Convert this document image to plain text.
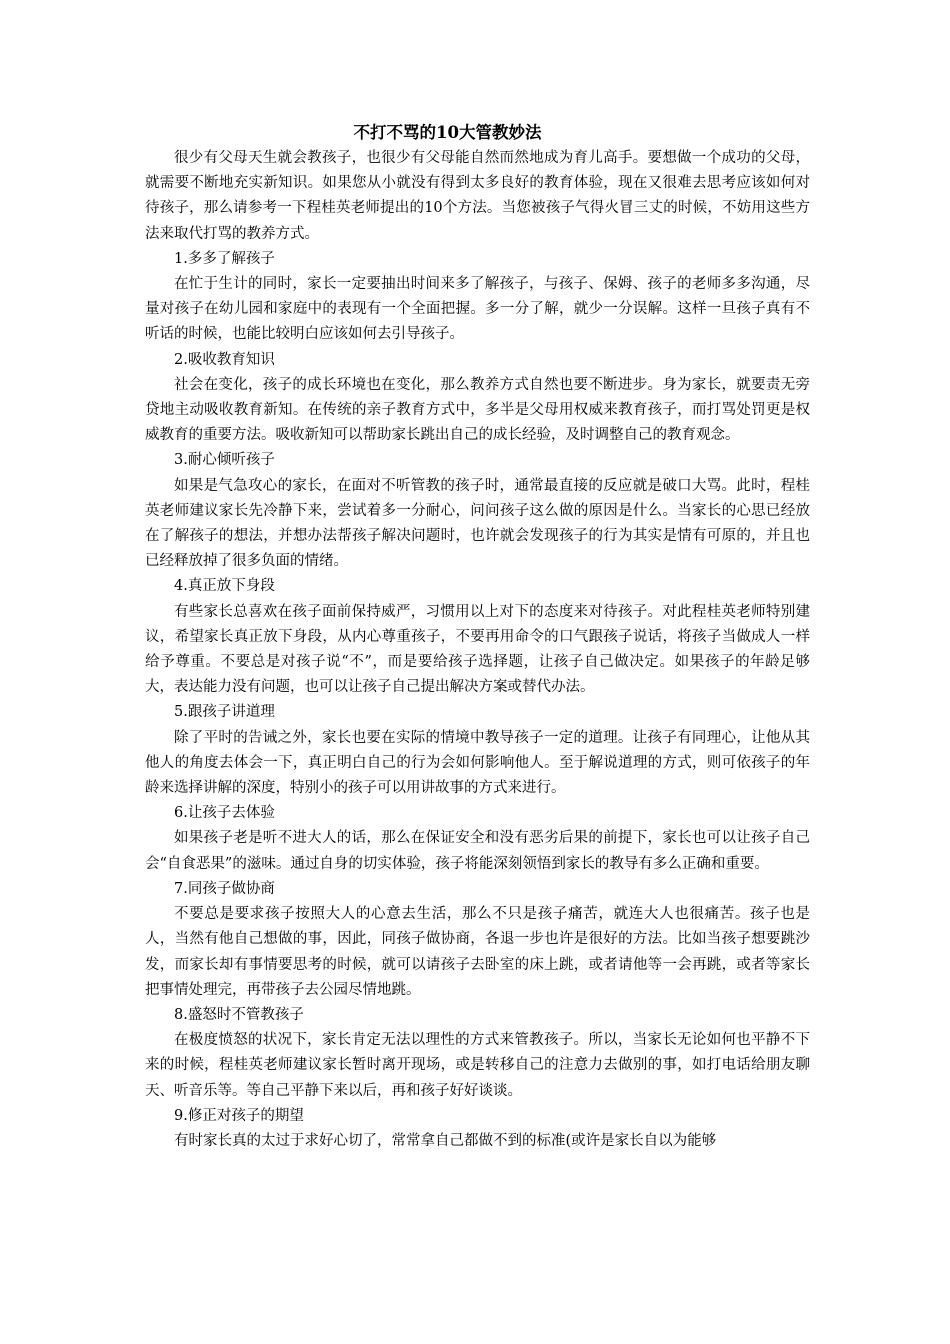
不打不骂的10大管教妙法

很少有父母天生就会教孩子，也很少有父母能自然而然地成为育儿高手。要想做一个成功的父母，就需要不断地充实新知识。如果您从小就没有得到太多良好的教育体验，现在又很难去思考应该如何对待孩子，那么请参考一下程桂英老师提出的10个方法。当您被孩子气得火冒三丈的时候，不妨用这些方法来取代打骂的教养方式。

1.多多了解孩子

在忙于生计的同时，家长一定要抽出时间来多了解孩子，与孩子、保姆、孩子的老师多多沟通，尽量对孩子在幼儿园和家庭中的表现有一个全面把握。多一分了解，就少一分误解。这样一旦孩子真有不听话的时候，也能比较明白应该如何去引导孩子。

2.吸收教育知识

社会在变化，孩子的成长环境也在变化，那么教养方式自然也要不断进步。身为家长，就要责无旁贷地主动吸收教育新知。在传统的亲子教育方式中，多半是父母用权威来教育孩子，而打骂处罚更是权威教育的重要方法。吸收新知可以帮助家长跳出自己的成长经验，及时调整自己的教育观念。

3.耐心倾听孩子

如果是气急攻心的家长，在面对不听管教的孩子时，通常最直接的反应就是破口大骂。此时，程桂英老师建议家长先冷静下来，尝试着多一分耐心，问问孩子这么做的原因是什么。当家长的心思已经放在了解孩子的想法，并想办法帮孩子解决问题时，也许就会发现孩子的行为其实是情有可原的，并且也已经释放掉了很多负面的情绪。

4.真正放下身段

有些家长总喜欢在孩子面前保持威严，习惯用以上对下的态度来对待孩子。对此程桂英老师特别建议，希望家长真正放下身段，从内心尊重孩子，不要再用命令的口气跟孩子说话，将孩子当做成人一样给予尊重。不要总是对孩子说“不”，而是要给孩子选择题，让孩子自己做决定。如果孩子的年龄足够大，表达能力没有问题，也可以让孩子自己提出解决方案或替代办法。

5.跟孩子讲道理

除了平时的告诫之外，家长也要在实际的情境中教导孩子一定的道理。让孩子有同理心，让他从其他人的角度去体会一下，真正明白自己的行为会如何影响他人。至于解说道理的方式，则可依孩子的年龄来选择讲解的深度，特别小的孩子可以用讲故事的方式来进行。

6.让孩子去体验

如果孩子老是听不进大人的话，那么在保证安全和没有恶劣后果的前提下，家长也可以让孩子自己会“自食恶果”的滋味。通过自身的切实体验，孩子将能深刻领悟到家长的教导有多么正确和重要。

7.同孩子做协商

不要总是要求孩子按照大人的心意去生活，那么不只是孩子痛苦，就连大人也很痛苦。孩子也是人，当然有他自己想做的事，因此，同孩子做协商，各退一步也许是很好的方法。比如当孩子想要跳沙发，而家长却有事情要思考的时候，就可以请孩子去卧室的床上跳，或者请他等一会再跳，或者等家长把事情处理完，再带孩子去公园尽情地跳。

8.盛怒时不管教孩子

在极度愤怒的状况下，家长肯定无法以理性的方式来管教孩子。所以，当家长无论如何也平静不下来的时候，程桂英老师建议家长暂时离开现场，或是转移自己的注意力去做别的事，如打电话给朋友聊天、听音乐等。等自己平静下来以后，再和孩子好好谈谈。

9.修正对孩子的期望

有时家长真的太过于求好心切了，常常拿自己都做不到的标准(或许是家长自以为能够
